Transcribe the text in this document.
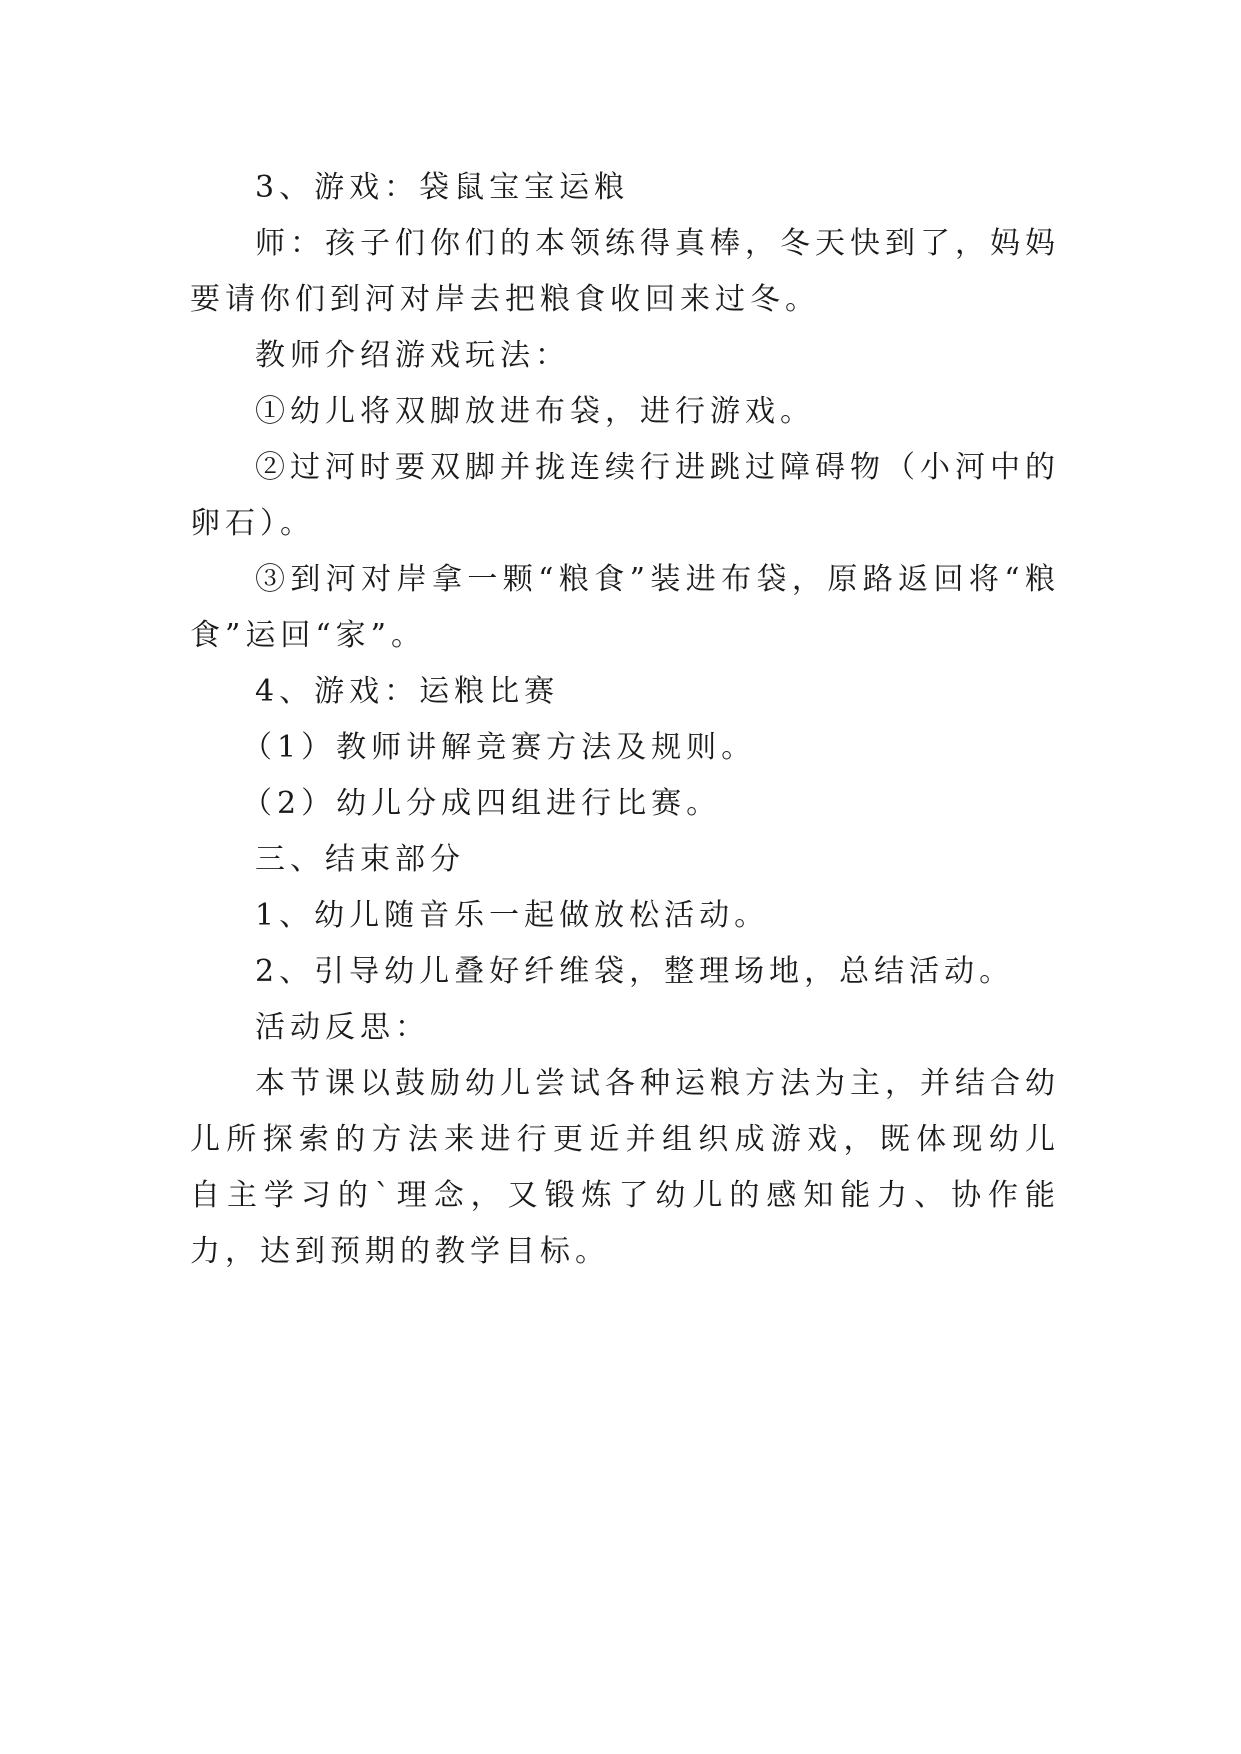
3、游戏：袋鼠宝宝运粮

师：孩子们你们的本领练得真棒，冬天快到了，妈妈要请你们到河对岸去把粮食收回来过冬。

教师介绍游戏玩法：

①幼儿将双脚放进布袋，进行游戏。

②过河时要双脚并拢连续行进跳过障碍物（小河中的卵石）。

③到河对岸拿一颗“粮食”装进布袋，原路返回将“粮食”运回“家”。

4、游戏：运粮比赛

（1）教师讲解竞赛方法及规则。

（2）幼儿分成四组进行比赛。

三、结束部分

1、幼儿随音乐一起做放松活动。

2、引导幼儿叠好纤维袋，整理场地，总结活动。

活动反思：

本节课以鼓励幼儿尝试各种运粮方法为主，并结合幼儿所探索的方法来进行更近并组织成游戏，既体现幼儿自主学习的`理念，又锻炼了幼儿的感知能力、协作能力，达到预期的教学目标。
